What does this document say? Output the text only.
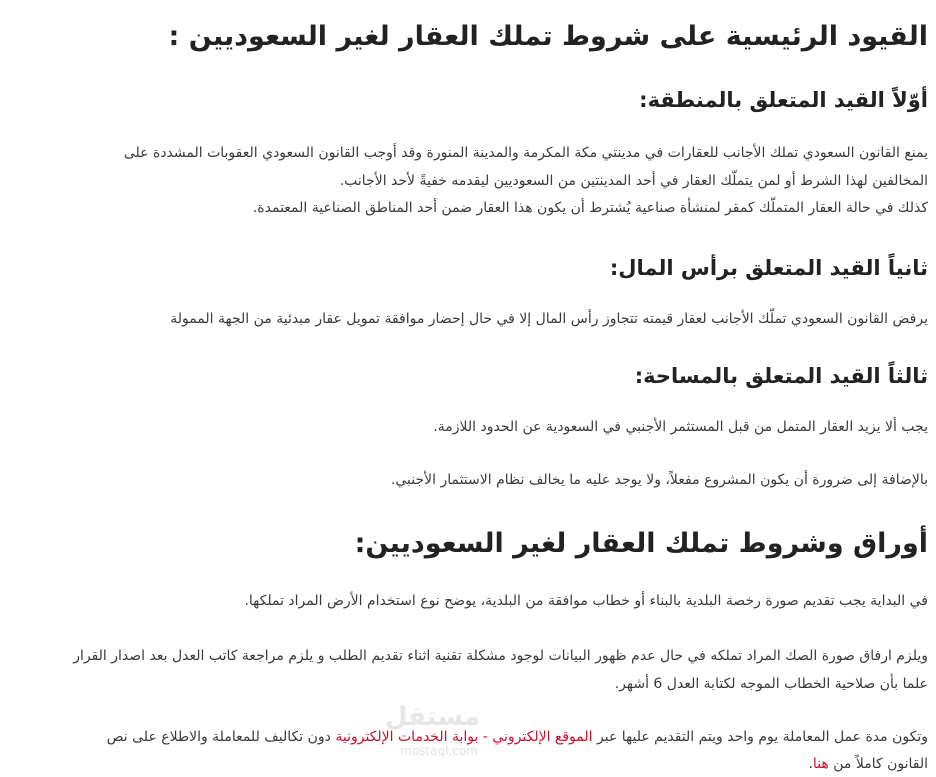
القيود الرئيسية على شروط تملك العقار لغير السعوديين :
أوّلاً القيد المتعلق بالمنطقة:
يمنع القانون السعودي تملك الأجانب للعقارات في مدينتي مكة المكرمة والمدينة المنورة وقد أوجب القانون السعودي العقوبات المشددة على
المخالفين لهذا الشرط أو لمن يتملّك العقار في أحد المدينتين من السعوديين ليقدمه خفيةً لأحد الأجانب.
كذلك في حالة العقار المتملّك كمقر لمنشأة صناعية يُشترط أن يكون هذا العقار ضمن أحد المناطق الصناعية المعتمدة.
ثانياً القيد المتعلق برأس المال:
يرفض القانون السعودي تملّك الأجانب لعقار قيمته تتجاوز رأس المال إلا في حال إحضار موافقة تمويل عقار مبدئية من الجهة الممولة
ثالثاً القيد المتعلق بالمساحة:
يجب ألا يزيد العقار المتمل من قبل المستثمر الأجنبي في السعودية عن الحدود اللازمة.
بالإضافة إلى ضرورة أن يكون المشروع مفعلاً، ولا يوجد عليه ما يخالف نظام الاستثمار الأجنبي.
أوراق وشروط تملك العقار لغير السعوديين:
في البداية يجب تقديم صورة رخصة البلدية بالبناء أو خطاب موافقة من البلدية، يوضح نوع استخدام الأرض المراد تملكها.
ويلزم ارفاق صورة الصك المراد تملكه في حال عدم ظهور البيانات لوجود مشكلة تقنية اثناء تقديم الطلب و يلزم مراجعة كاتب العدل بعد اصدار القرار
علما بأن صلاحية الخطاب الموجه لكتابة العدل 6 أشهر.
وتكون مدة عمل المعاملة يوم واحد ويتم التقديم عليها عبر الموقع الإلكتروني - بوابة الخدمات الإلكترونية دون تكاليف للمعاملة والاطلاع على نص
القانون كاملاً من هنا.
مستقل
mostaql.com
